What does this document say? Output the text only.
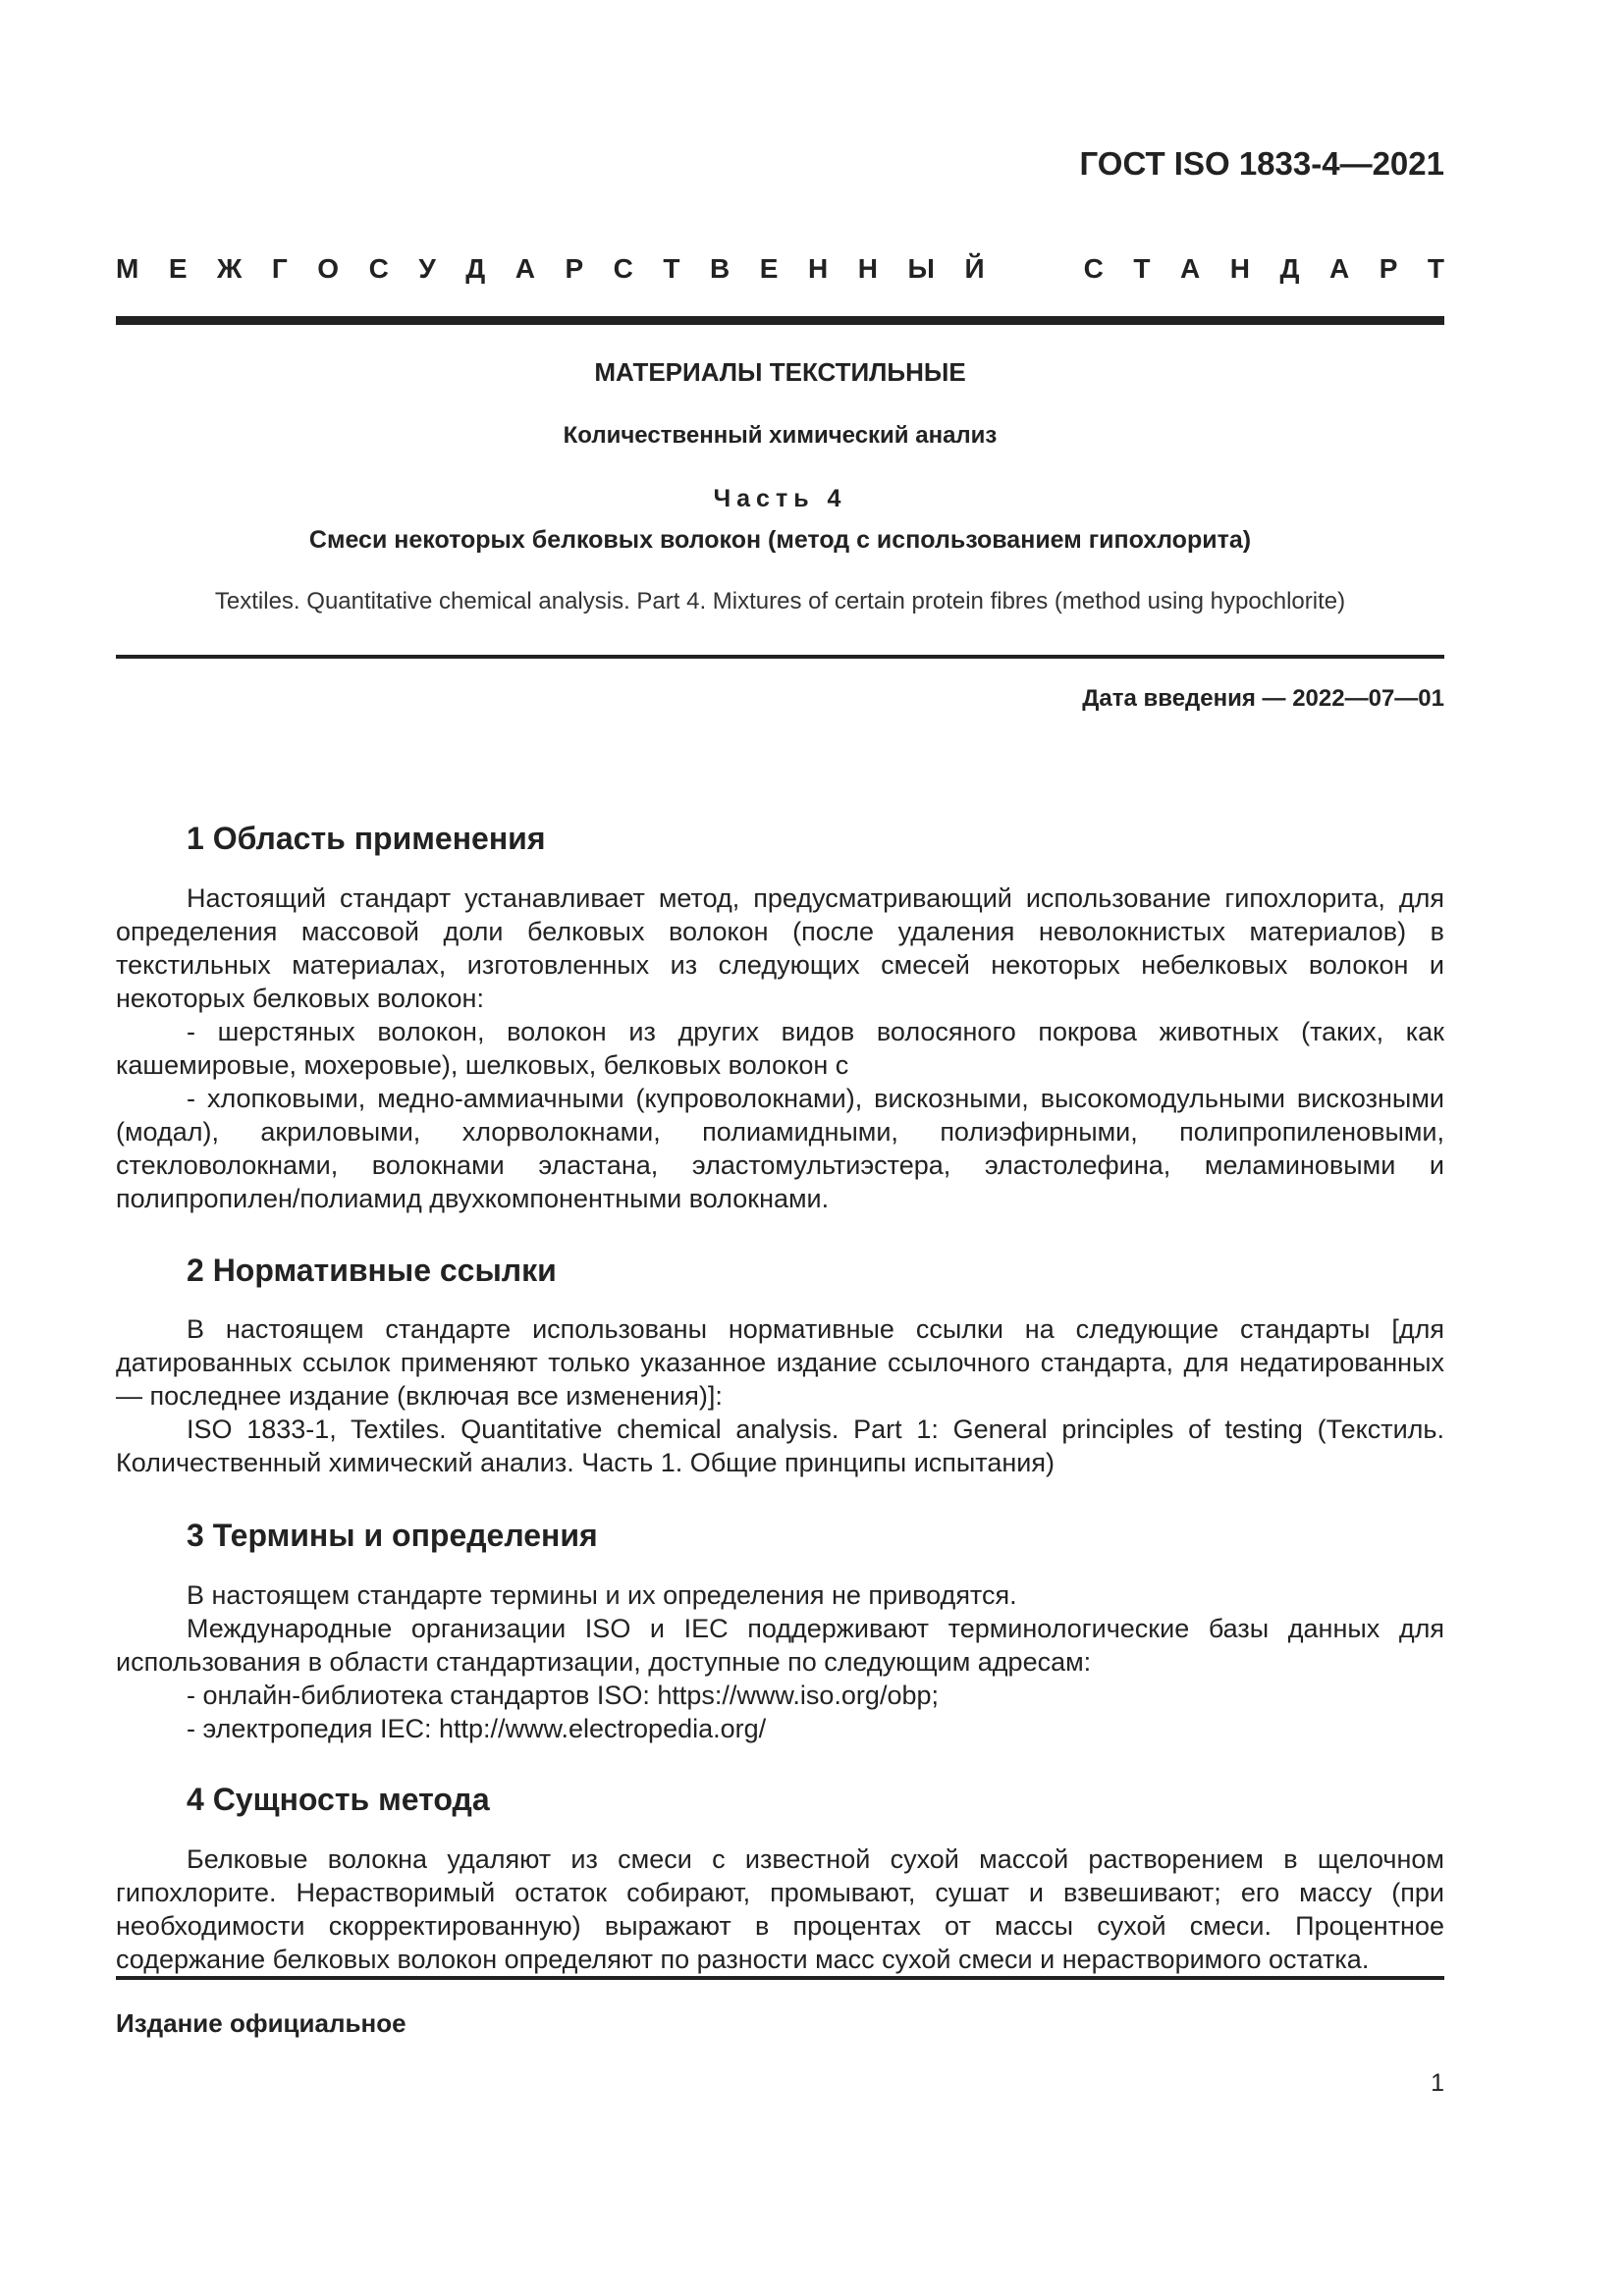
ГОСТ ISO 1833-4—2021
М Е Ж Г О С У Д А Р С Т В Е Н Н Ы Й	С Т А Н Д А Р Т
МАТЕРИАЛЫ ТЕКСТИЛЬНЫЕ
Количественный химический анализ
Часть 4
Смеси некоторых белковых волокон (метод с использованием гипохлорита)
Textiles. Quantitative chemical analysis. Part 4. Mixtures of certain protein fibres (method using hypochlorite)
Дата введения — 2022—07—01
1 Область применения

Настоящий стандарт устанавливает метод, предусматривающий использование гипохлорита, для определения массовой доли белковых волокон (после удаления неволокнистых материалов) в текстильных материалах, изготовленных из следующих смесей некоторых небелковых волокон и некоторых белковых волокон:

- шерстяных волокон, волокон из других видов волосяного покрова животных (таких, как кашемировые, мохеровые), шелковых, белковых волокон с

- хлопковыми, медно-аммиачными (купроволокнами), вискозными, высокомодульными вискозными (модал), акриловыми, хлорволокнами, полиамидными, полиэфирными, полипропиленовыми, стекловолокнами, волокнами эластана, эластомультиэстера, эластолефина, меламиновыми и полипропилен/полиамид двухкомпонентными волокнами.

2 Нормативные ссылки

В настоящем стандарте использованы нормативные ссылки на следующие стандарты [для датированных ссылок применяют только указанное издание ссылочного стандарта, для недатированных — последнее издание (включая все изменения)]:

ISO 1833-1, Textiles. Quantitative chemical analysis. Part 1: General principles of testing (Текстиль. Количественный химический анализ. Часть 1. Общие принципы испытания)

3 Термины и определения

В настоящем стандарте термины и их определения не приводятся.

Международные организации ISO и IEC поддерживают терминологические базы данных для использования в области стандартизации, доступные по следующим адресам:

- онлайн-библиотека стандартов ISO: https://www.iso.org/obp;

- электропедия IEC: http://www.electropedia.org/

4 Сущность метода

Белковые волокна удаляют из смеси с известной сухой массой растворением в щелочном гипохлорите. Нерастворимый остаток собирают, промывают, сушат и взвешивают; его массу (при необходимости скорректированную) выражают в процентах от массы сухой смеси. Процентное содержание белковых волокон определяют по разности масс сухой смеси и нерастворимого остатка.

Издание официальное
1
